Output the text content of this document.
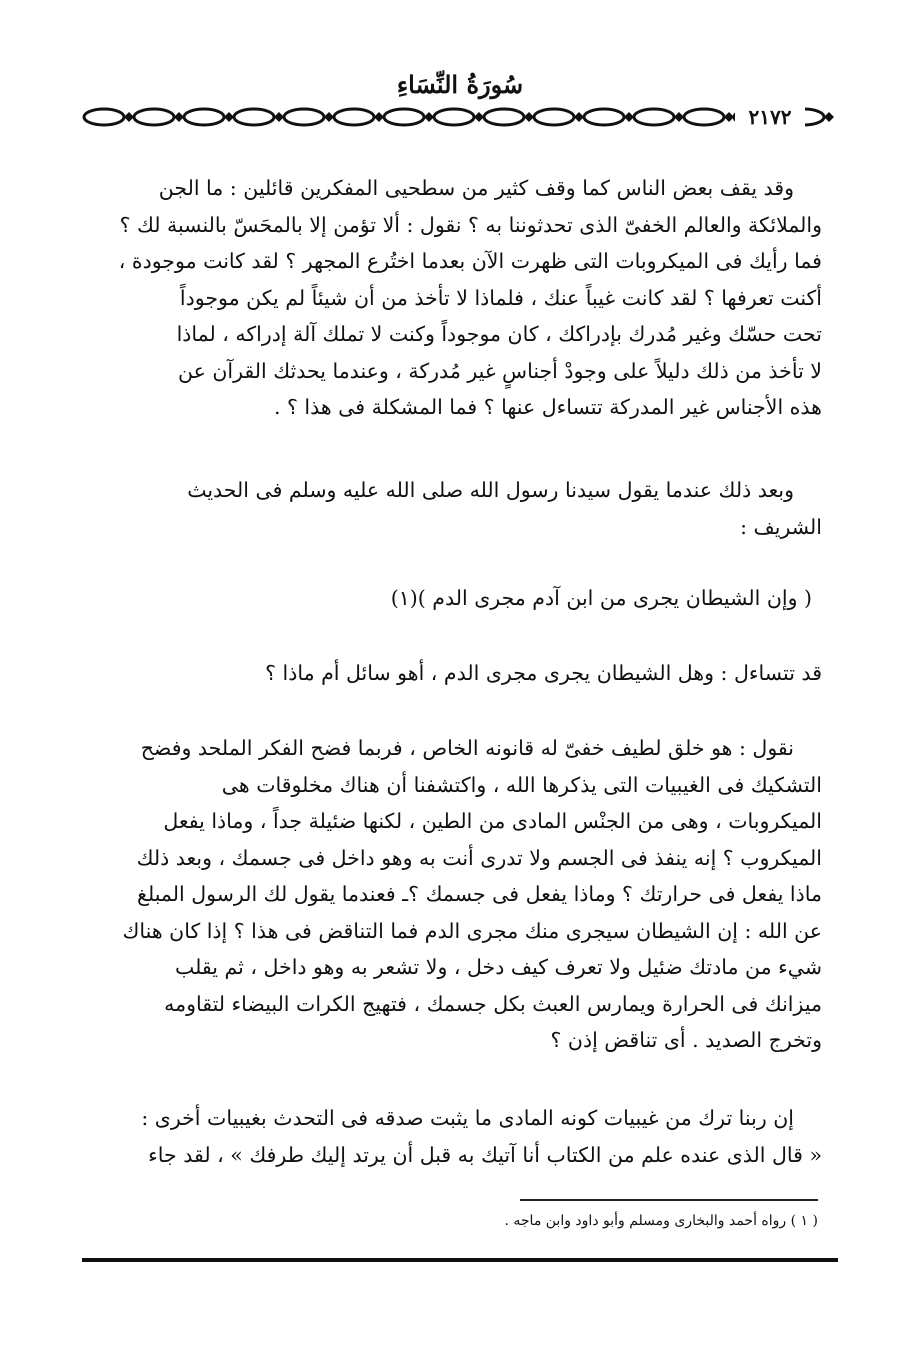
سُورَةُ النِّسَاءِ
٢١٧٢
وقد يقف بعض الناس كما وقف كثير من سطحيى المفكرين قائلين : ما الجن
والملائكة والعالم الخفىّ الذى تحدثوننا به ؟ نقول : ألا تؤمن إلا بالمحَسّ بالنسبة لك ؟
فما رأيك فى الميكروبات التى ظهرت الآن بعدما اختُرع المجهر ؟ لقد كانت موجودة ،
أكنت تعرفها ؟ لقد كانت غيباً عنك ، فلماذا لا تأخذ من أن شيئاً لم يكن موجوداً
تحت حسّك وغير مُدرك بإدراكك ، كان موجوداً وكنت لا تملك آلة إدراكه ، لماذا
لا تأخذ من ذلك دليلاً على وجودْ أجناسٍ غير مُدركة ، وعندما يحدثك القرآن عن
هذه الأجناس غير المدركة تتساءل عنها ؟ فما المشكلة فى هذا ؟ .
وبعد ذلك عندما يقول سيدنا رسول الله صلى الله عليه وسلم فى الحديث
الشريف :
( وإن الشيطان يجرى من ابن آدم مجرى الدم )(١)
قد تتساءل : وهل الشيطان يجرى مجرى الدم ، أهو سائل أم ماذا ؟
نقول : هو خلق لطيف خفىّ له قانونه الخاص ، فربما فضح الفكر الملحد وفضح
التشكيك فى الغيبيات التى يذكرها الله ، واكتشفنا أن هناك مخلوقات هى
الميكروبات ، وهى من الجنْس المادى من الطين ، لكنها ضئيلة جداً ، وماذا يفعل
الميكروب ؟ إنه ينفذ فى الجسم ولا تدرى أنت به وهو داخل فى جسمك ، وبعد ذلك
ماذا يفعل فى حرارتك ؟ وماذا يفعل فى جسمك ؟ـ فعندما يقول لك الرسول المبلغ
عن الله : إن الشيطان سيجرى منك مجرى الدم فما التناقض فى هذا ؟ إذا كان هناك
شيء من مادتك ضئيل ولا تعرف كيف دخل ، ولا تشعر به وهو داخل ، ثم يقلب
ميزانك فى الحرارة ويمارس العبث بكل جسمك ، فتهيج الكرات البيضاء لتقاومه
وتخرج الصديد . أى تناقض إذن ؟
إن ربنا ترك من غيبيات كونه المادى ما يثبت صدقه فى التحدث بغيبيات أخرى :
« قال الذى عنده علم من الكتاب أنا آتيك به قبل أن يرتد إليك طرفك » ، لقد جاء
( ١ ) رواه أحمد والبخارى ومسلم وأبو داود وابن ماجه .
